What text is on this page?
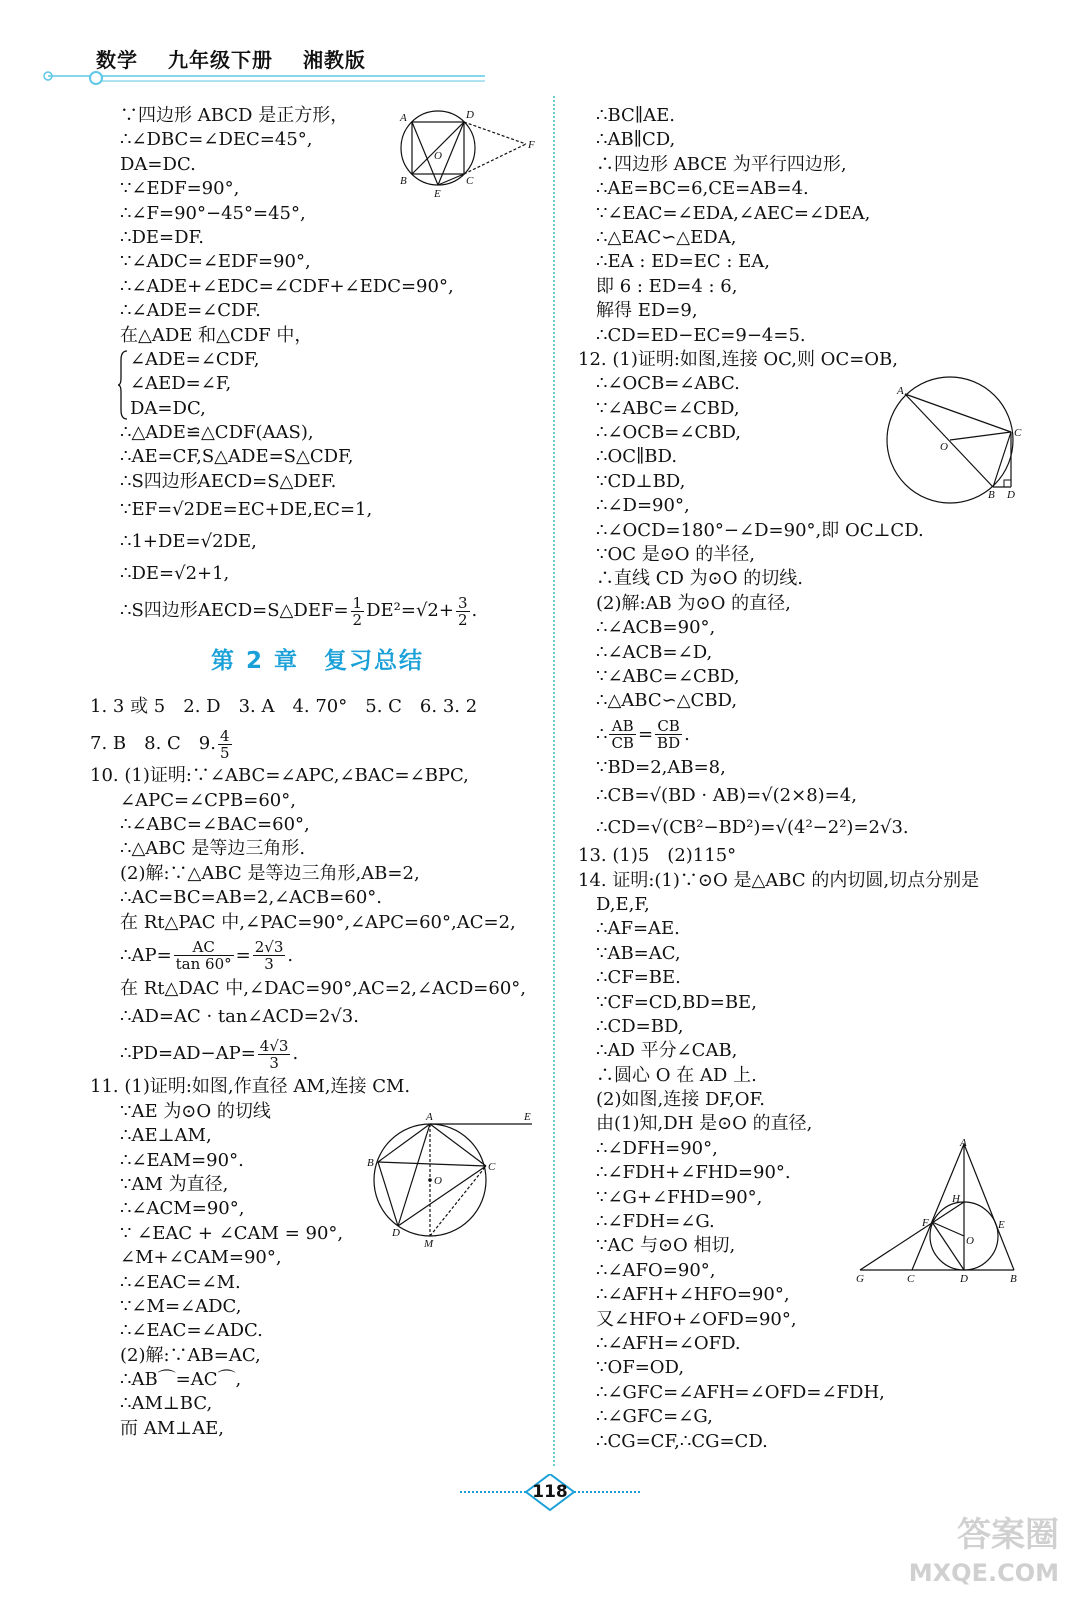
数学 九年级下册 湘教版
∵四边形 ABCD 是正方形，
∴∠DBC=∠DEC=45°,
DA=DC.
∵∠EDF=90°,
∴∠F=90°−45°=45°,
∴DE=DF.
∵∠ADC=∠EDF=90°,
∴∠ADE+∠EDC=∠CDF+∠EDC=90°,
∴∠ADE=∠CDF.
在△ADE 和△CDF 中，
∠ADE=∠CDF,
∠AED=∠F,
DA=DC,
∴△ADE≌△CDF(AAS),
∴AE=CF,S△ADE=S△CDF,
∴S四边形AECD=S△DEF.
∵EF=√2DE=EC+DE,EC=1,
∴1+DE=√2DE,
∴DE=√2+1,
∴S四边形AECD=S△DEF= $\frac{1}{2} DE^2=√2+ \frac{3}{2}$ .
第 2 章　复习总结
1. 3 或 5　2. D　3. A　4. 70°　5. C　6. 3. 2
7. B　8. C　9. $\frac{4}{5}$
10. (1)证明:∵∠ABC=∠APC,∠BAC=∠BPC,
∠APC=∠CPB=60°,
∴∠ABC=∠BAC=60°,
∴△ABC 是等边三角形.
(2)解:∵△ABC 是等边三角形,AB=2,
∴AC=BC=AB=2,∠ACB=60°.
在 Rt△PAC 中,∠PAC=90°,∠APC=60°,AC=2,
∴AP= $\frac{AC}{\tan 60^\circ} = \frac{2√3}{3}$ .
在 Rt△DAC 中,∠DAC=90°,AC=2,∠ACD=60°,
∴AD=AC · tan∠ACD=2√3.
∴PD=AD−AP= $\frac{4√3}{3}$ .
11. (1)证明:如图,作直径 AM,连接 CM.
∵AE 为⊙O 的切线
∴AE⊥AM,
∴∠EAM=90°.
∵AM 为直径,
∴∠ACM=90°,
∵ ∠EAC + ∠CAM = 90°,
∠M+∠CAM=90°,
∴∠EAC=∠M.
∵∠M=∠ADC,
∴∠EAC=∠ADC.
(2)解:∵AB=AC,
∴AB⌒=AC⌒,
∴AM⊥BC,
而 AM⊥AE,
∴BC∥AE.
∴AB∥CD,
∴四边形 ABCE 为平行四边形,
∴AE=BC=6,CE=AB=4.
∵∠EAC=∠EDA,∠AEC=∠DEA,
∴△EAC∽△EDA,
∴EA : ED=EC : EA,
即 6 : ED=4 : 6,
解得 ED=9,
∴CD=ED−EC=9−4=5.
12. (1)证明:如图,连接 OC,则 OC=OB,
∴∠OCB=∠ABC.
∵∠ABC=∠CBD,
∴∠OCB=∠CBD,
∴OC∥BD.
∵CD⊥BD,
∴∠D=90°,
∴∠OCD=180°−∠D=90°,即 OC⊥CD.
∵OC 是⊙O 的半径,
∴直线 CD 为⊙O 的切线.
(2)解:AB 为⊙O 的直径,
∴∠ACB=90°,
∴∠ACB=∠D,
∵∠ABC=∠CBD,
∴△ABC∽△CBD,
∴ $\frac{AB}{CB} = \frac{CB}{BD}$ .
∵BD=2,AB=8,
∴CB=√(BD · AB)=√(2×8)=4,
∴CD=√(CB²−BD²)=√(4²−2²)=2√3.
13. (1)5　(2)115°
14. 证明:(1)∵⊙O 是△ABC 的内切圆,切点分别是
D,E,F,
∴AF=AE.
∵AB=AC,
∴CF=BE.
∵CF=CD,BD=BE,
∴CD=BD,
∴AD 平分∠CAB,
∴圆心 O 在 AD 上.
(2)如图,连接 DF,OF.
由(1)知,DH 是⊙O 的直径,
∴∠DFH=90°,
∴∠FDH+∠FHD=90°.
∵∠G+∠FHD=90°,
∴∠FDH=∠G.
∵AC 与⊙O 相切,
∴∠AFO=90°,
∴∠AFH+∠HFO=90°,
又∠HFO+∠OFD=90°,
∴∠AFH=∠OFD.
∵OF=OD,
∴∠GFC=∠AFH=∠OFD=∠FDH,
∴∠GFC=∠G,
∴CG=CF,∴CG=CD.
A	D
F
O
B	C
E
A	E
B
O
C
D
M
A
C
O
B D
A
H
F	E
O
G	C	D	B
118
答案圈
MXQE.COM
